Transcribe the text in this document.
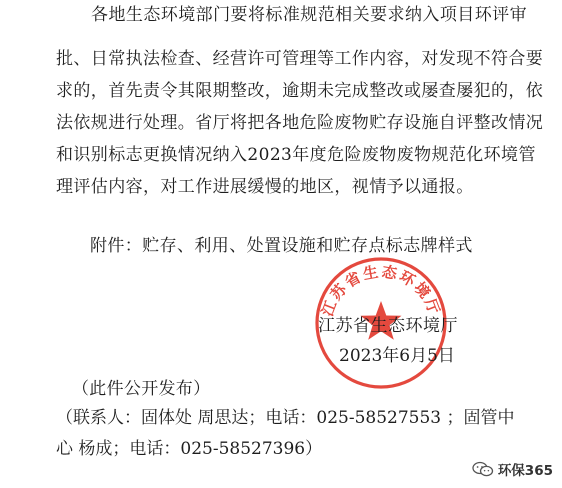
各地生态环境部门要将标准规范相关要求纳入项目环评审
批、日常执法检查、经营许可管理等工作内容，对发现不符合要
求的，首先责令其限期整改，逾期未完成整改或屡查屡犯的，依
法依规进行处理。省厅将把各地危险废物贮存设施自评整改情况
和识别标志更换情况纳入2023年度危险废物废物规范化环境管
理评估内容，对工作进展缓慢的地区，视情予以通报。
附件：贮存、利用、处置设施和贮存点标志牌样式
江苏省生态环境厅
江苏省生态环境厅
2023年6月5日
（此件公开发布）
（联系人：固体处 周思达；电话：025-58527553 ；固管中
心 杨成；电话：025-58527396）
环保365
